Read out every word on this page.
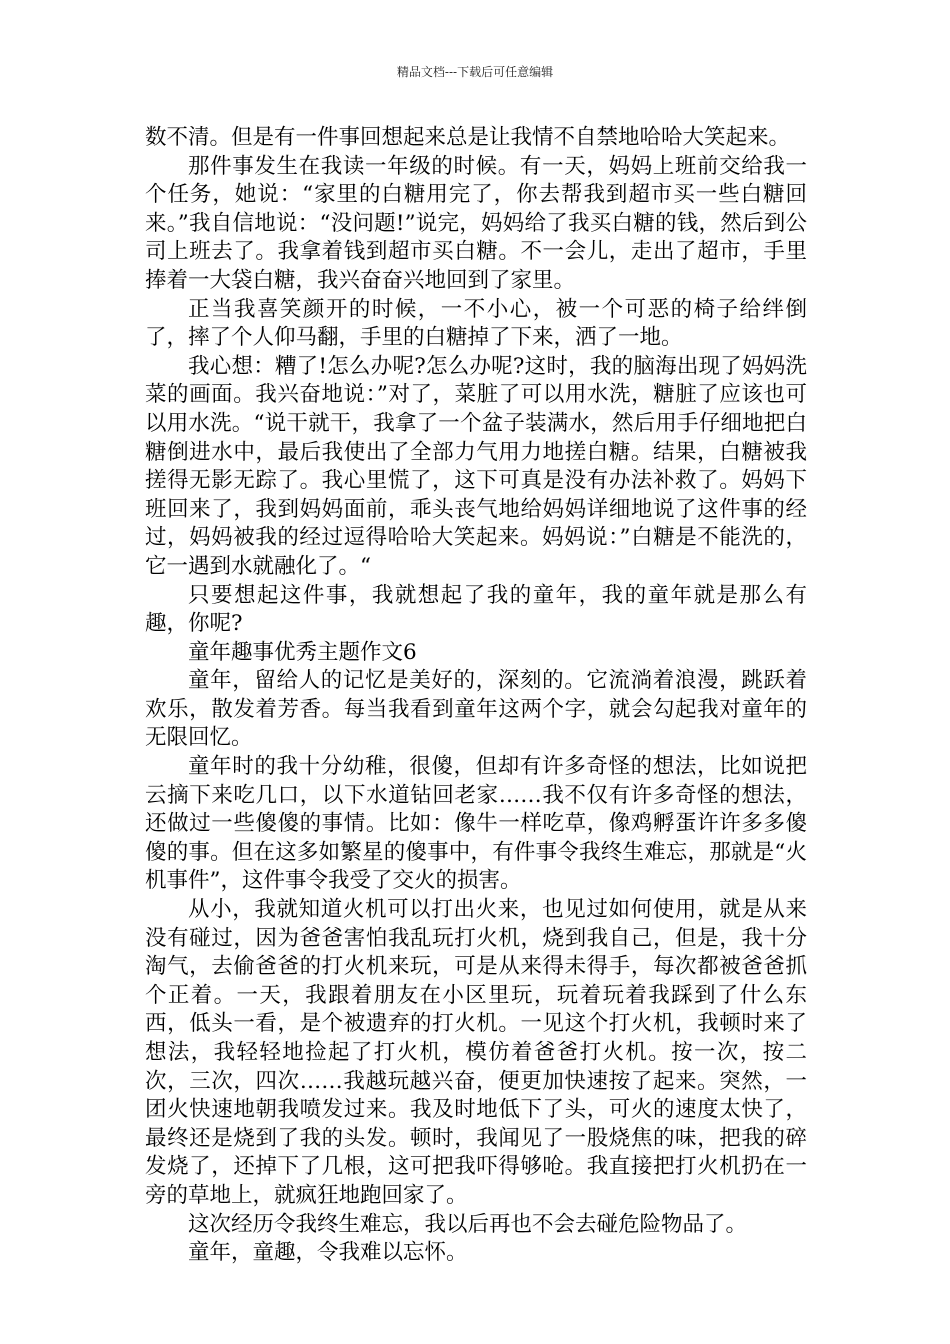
精品文档---下载后可任意编辑

数不清。但是有一件事回想起来总是让我情不自禁地哈哈大笑起来。

那件事发生在我读一年级的时候。有一天，妈妈上班前交给我一个任务，她说：“家里的白糖用完了，你去帮我到超市买一些白糖回来。”我自信地说：“没问题!”说完，妈妈给了我买白糖的钱，然后到公司上班去了。我拿着钱到超市买白糖。不一会儿，走出了超市，手里捧着一大袋白糖，我兴奋奋兴地回到了家里。

正当我喜笑颜开的时候，一不小心，被一个可恶的椅子给绊倒了，摔了个人仰马翻，手里的白糖掉了下来，洒了一地。

我心想：糟了!怎么办呢?怎么办呢?这时，我的脑海出现了妈妈洗菜的画面。我兴奋地说：”对了，菜脏了可以用水洗，糖脏了应该也可以用水洗。“说干就干，我拿了一个盆子装满水，然后用手仔细地把白糖倒进水中，最后我使出了全部力气用力地搓白糖。结果，白糖被我搓得无影无踪了。我心里慌了，这下可真是没有办法补救了。妈妈下班回来了，我到妈妈面前，乖头丧气地给妈妈详细地说了这件事的经过，妈妈被我的经过逗得哈哈大笑起来。妈妈说：”白糖是不能洗的，它一遇到水就融化了。“

只要想起这件事，我就想起了我的童年，我的童年就是那么有趣，你呢?

童年趣事优秀主题作文6

童年，留给人的记忆是美好的，深刻的。它流淌着浪漫，跳跃着欢乐，散发着芳香。每当我看到童年这两个字，就会勾起我对童年的无限回忆。

童年时的我十分幼稚，很傻，但却有许多奇怪的想法，比如说把云摘下来吃几口，以下水道钻回老家……我不仅有许多奇怪的想法，还做过一些傻傻的事情。比如：像牛一样吃草，像鸡孵蛋许许多多傻傻的事。但在这多如繁星的傻事中，有件事令我终生难忘，那就是“火机事件”，这件事令我受了交火的损害。

从小，我就知道火机可以打出火来，也见过如何使用，就是从来没有碰过，因为爸爸害怕我乱玩打火机，烧到我自己，但是，我十分淘气，去偷爸爸的打火机来玩，可是从来得未得手，每次都被爸爸抓个正着。一天，我跟着朋友在小区里玩，玩着玩着我踩到了什么东西，低头一看，是个被遗弃的打火机。一见这个打火机，我顿时来了想法，我轻轻地捡起了打火机，模仿着爸爸打火机。按一次，按二次，三次，四次……我越玩越兴奋，便更加快速按了起来。突然，一团火快速地朝我喷发过来。我及时地低下了头，可火的速度太快了，最终还是烧到了我的头发。顿时，我闻见了一股烧焦的味，把我的碎发烧了，还掉下了几根，这可把我吓得够呛。我直接把打火机扔在一旁的草地上，就疯狂地跑回家了。

这次经历令我终生难忘，我以后再也不会去碰危险物品了。

童年，童趣，令我难以忘怀。
